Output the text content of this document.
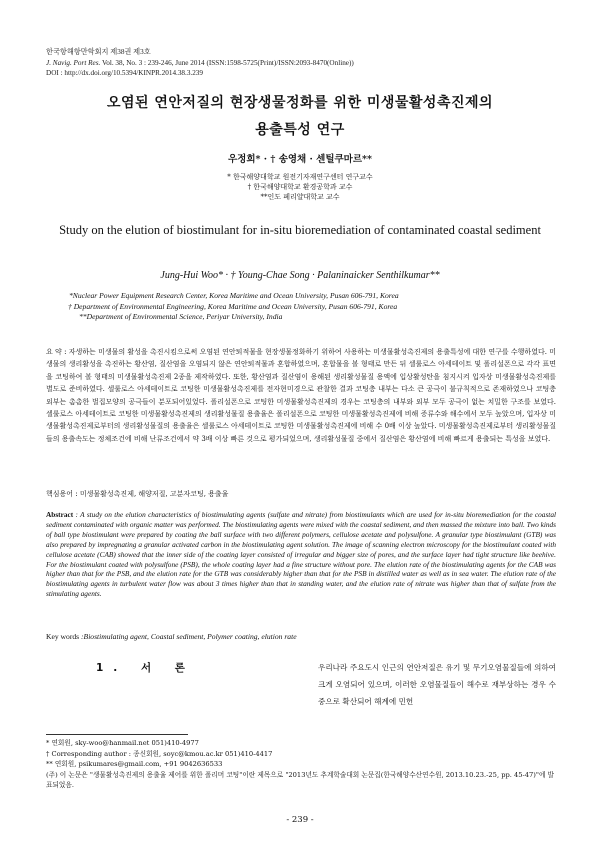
한국항해항만학회지 제38권 제3호
J. Navig. Port Res. Vol. 38, No. 3 : 239-246, June 2014 (ISSN:1598-5725(Print)/ISSN:2093-8470(Online))
DOI : http://dx.doi.org/10.5394/KINPR.2014.38.3.239
오염된 연안저질의 현장생물정화를 위한 미생물활성촉진제의
용출특성 연구
우정희* · † 송영채 · 센틸쿠마르**
* 한국해양대학교 원전기자재연구센터 연구교수
† 한국해양대학교 환경공학과 교수
**인도 페리얄대학교 교수
Study on the elution of biostimulant for in-situ bioremediation of contaminated coastal sediment
Jung-Hui Woo* · † Young-Chae Song · Palaninaicker Senthilkumar**
*Nuclear Power Equipment Research Center, Korea Maritime and Ocean University, Pusan 606-791, Korea
† Department of Environmental Engineering, Korea Maritime and Ocean University, Pusan 606-791, Korea
**Department of Environmental Science, Periyar University, India
요 약 : 자생하는 미생물의 활성을 촉진시킴으로써 오염된 연안퇴적물을 현장생물정화하기 위하여 사용하는 미생물활성촉진제의 용출특성에 대한 연구를 수행하였다. 미생물의 생리활성을 촉진하는 황산염, 질산염을 오염되지 않은 연안퇴적물과 혼합하였으며, 혼합물을 볼 형태로 만든 뒤 셀룰로스 아세테이트 및 폴리설폰으로 각각 표면을 코팅하여 볼 형태의 미생물활성촉진제 2종을 제작하였다. 또한, 황산염과 질산염이 용해된 생리활성물질 용액에 입상활성탄을 침지시켜 입자상 미생물활성촉진제를 별도로 준비하였다. 셀룰로스 아세테이트로 코팅한 미생물활성촉진제를 전자현미경으로 관찰한 결과 코팅층 내부는 다소 큰 공극이 불규칙적으로 존재하였으나 코팅층 외부는 촘촘한 벌집모양의 공극들이 분포되어있었다. 폴리설폰으로 코팅한 미생물활성촉진제의 경우는 코팅층의 내부와 외부 모두 공극이 없는 치밀한 구조를 보였다. 셀룰로스 아세테이트로 코팅한 미생물활성촉진제의 생리활성물질 용출율은 폴리설폰으로 코팅한 미생물활성촉진제에 비해 증류수와 해수에서 모두 높았으며, 입자상 미생물활성촉진제로부터의 생리활성물질의 용출율은 셀룰로스 아세테이트로 코팅한 미생물활성촉진제에 비해 수 0배 이상 높았다. 미생물활성촉진제로부터 생리활성물질들의 용출속도는 정체조건에 비해 난류조건에서 약 3배 이상 빠른 것으로 평가되었으며, 생리활성물질 중에서 질산염은 황산염에 비해 빠르게 용출되는 특성을 보였다.
핵심용어 : 미생물활성촉진제, 해양저질, 고분자코팅, 용출율
Abstract : A study on the elution characteristics of biostimulating agents (sulfate and nitrate) from biostimulants which are used for in-situ bioremediation for the coastal sediment contaminated with organic matter was performed. The biostimulating agents were mixed with the coastal sediment, and then massed the mixture into ball. Two kinds of ball type biostimulant were prepared by coating the ball surface with two different polymers, cellulose acetate and polysulfone. A granular type biostimulant (GTB) was also prepared by impregnating a granular activated carbon in the biostimulating agent solution. The image of scanning electron microscopy for the biostimulant coated with cellulose acetate (CAB) showed that the inner side of the coating layer consisted of irregular and bigger size of pores, and the surface layer had tight structure like beehive. For the biostimulant coated with polysulfone (PSB), the whole coating layer had a fine structure without pore. The elution rate of the biostimulating agents for the CAB was higher than that for the PSB, and the elution rate for the GTB was considerably higher than that for the PSB in distilled water as well as in sea water. The elution rate of the biostimulating agents in turbulent water flow was about 3 times higher than that in standing water, and the elution rate of nitrate was higher than that of sulfate from the stimulating agents.
Key words :Biostimulating agent, Coastal sediment, Polymer coating, elution rate
1. 서 론	우리나라 주요도시 인근의 연안저질은 유기 및 무기오염물질들에 의하여 크게 오염되어 있으며, 이러한 오염물질들이 해수로 재부상하는 경우 수중으로 확산되어 해계에 민헌
* 연회원, sky-woo@hanmail.net 051)410-4977
† Corresponding author : 종신회원, soyc@kmou.ac.kr 051)410-4417
** 연회원, psikumares@gmail.com, +91 9042636533
(주) 이 논문은 "생물활성촉진제의 용출율 제어를 위한 폴리머 코팅"이란 제목으로 "2013년도 추계학술대회 논문집(한국해양수산연수원, 2013.10.23.-25, pp. 45-47)"에 발표되었음.
- 239 -
